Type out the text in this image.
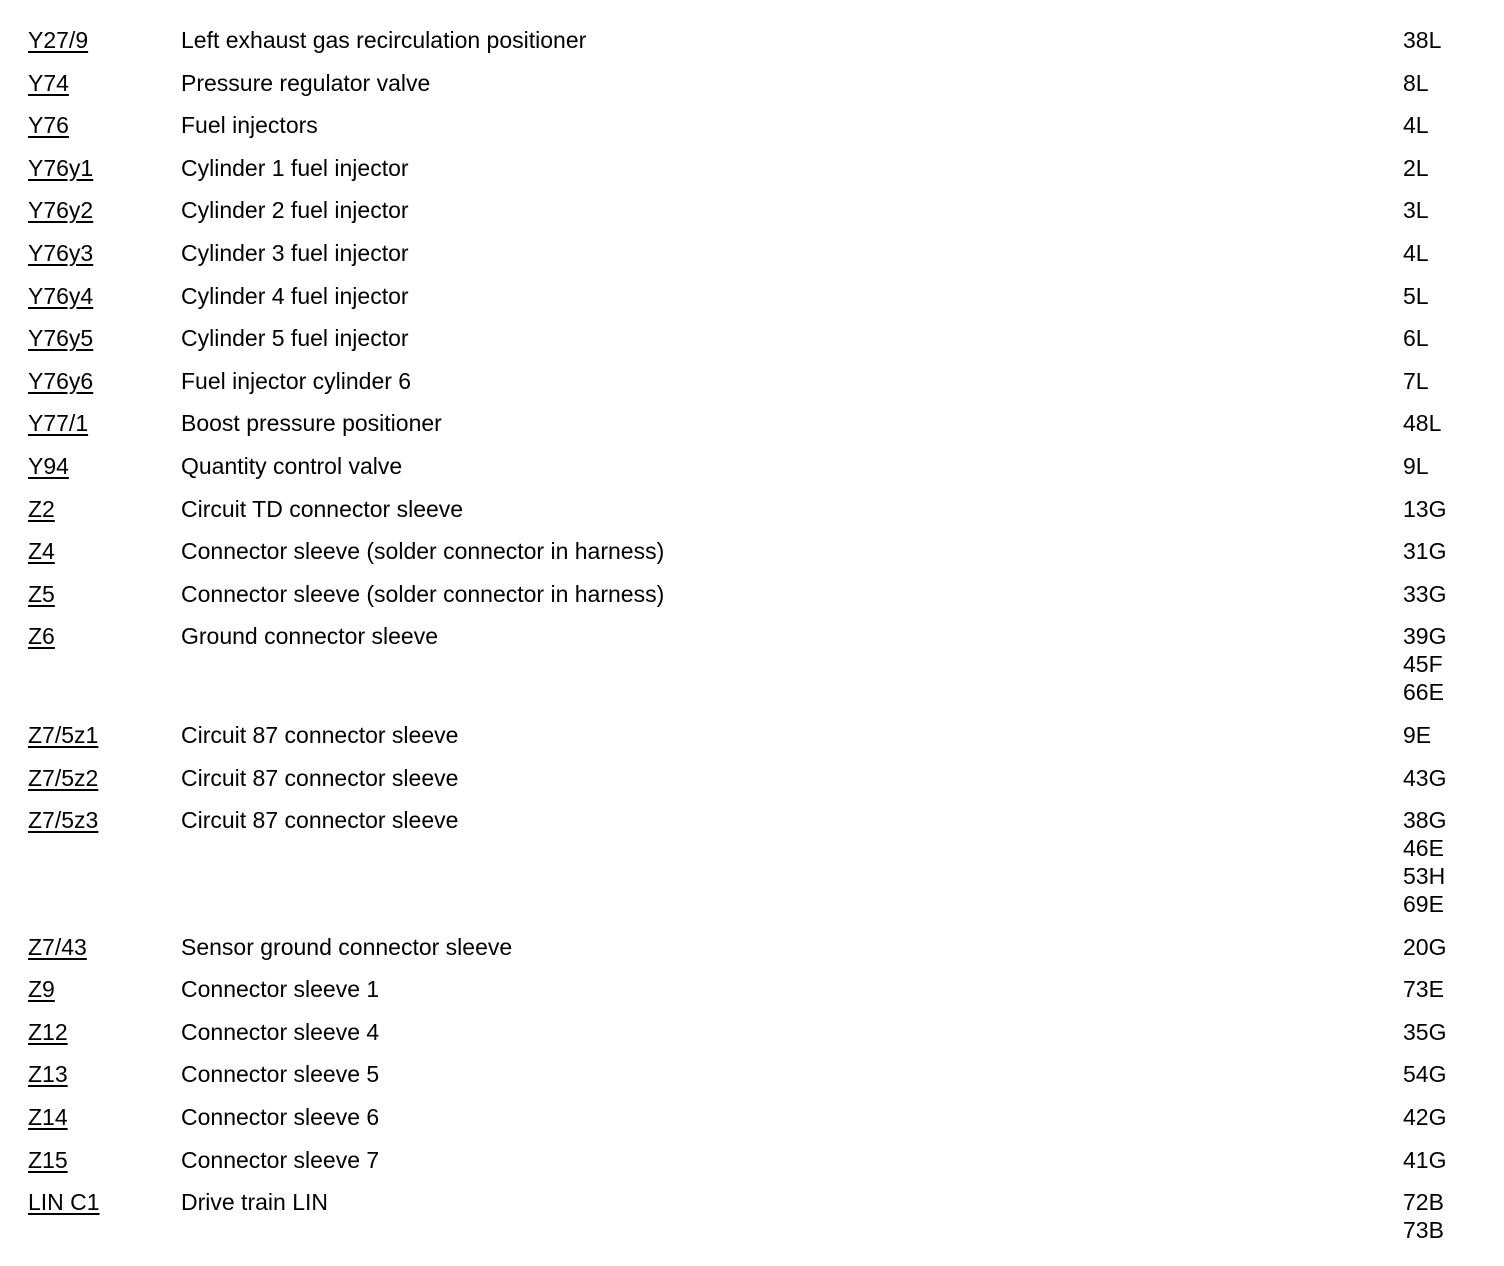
Y27/9	Left exhaust gas recirculation positioner	38L
Y74	Pressure regulator valve	8L
Y76	Fuel injectors	4L
Y76y1	Cylinder 1 fuel injector	2L
Y76y2	Cylinder 2 fuel injector	3L
Y76y3	Cylinder 3 fuel injector	4L
Y76y4	Cylinder 4 fuel injector	5L
Y76y5	Cylinder 5 fuel injector	6L
Y76y6	Fuel injector cylinder 6	7L
Y77/1	Boost pressure positioner	48L
Y94	Quantity control valve	9L
Z2	Circuit TD connector sleeve	13G
Z4	Connector sleeve (solder connector in harness)	31G
Z5	Connector sleeve (solder connector in harness)	33G
Z6	Ground connector sleeve	39G
45F
66E
Z7/5z1	Circuit 87 connector sleeve	9E
Z7/5z2	Circuit 87 connector sleeve	43G
Z7/5z3	Circuit 87 connector sleeve	38G
46E
53H
69E
Z7/43	Sensor ground connector sleeve	20G
Z9	Connector sleeve 1	73E
Z12	Connector sleeve 4	35G
Z13	Connector sleeve 5	54G
Z14	Connector sleeve 6	42G
Z15	Connector sleeve 7	41G
LIN C1	Drive train LIN	72B
73B
